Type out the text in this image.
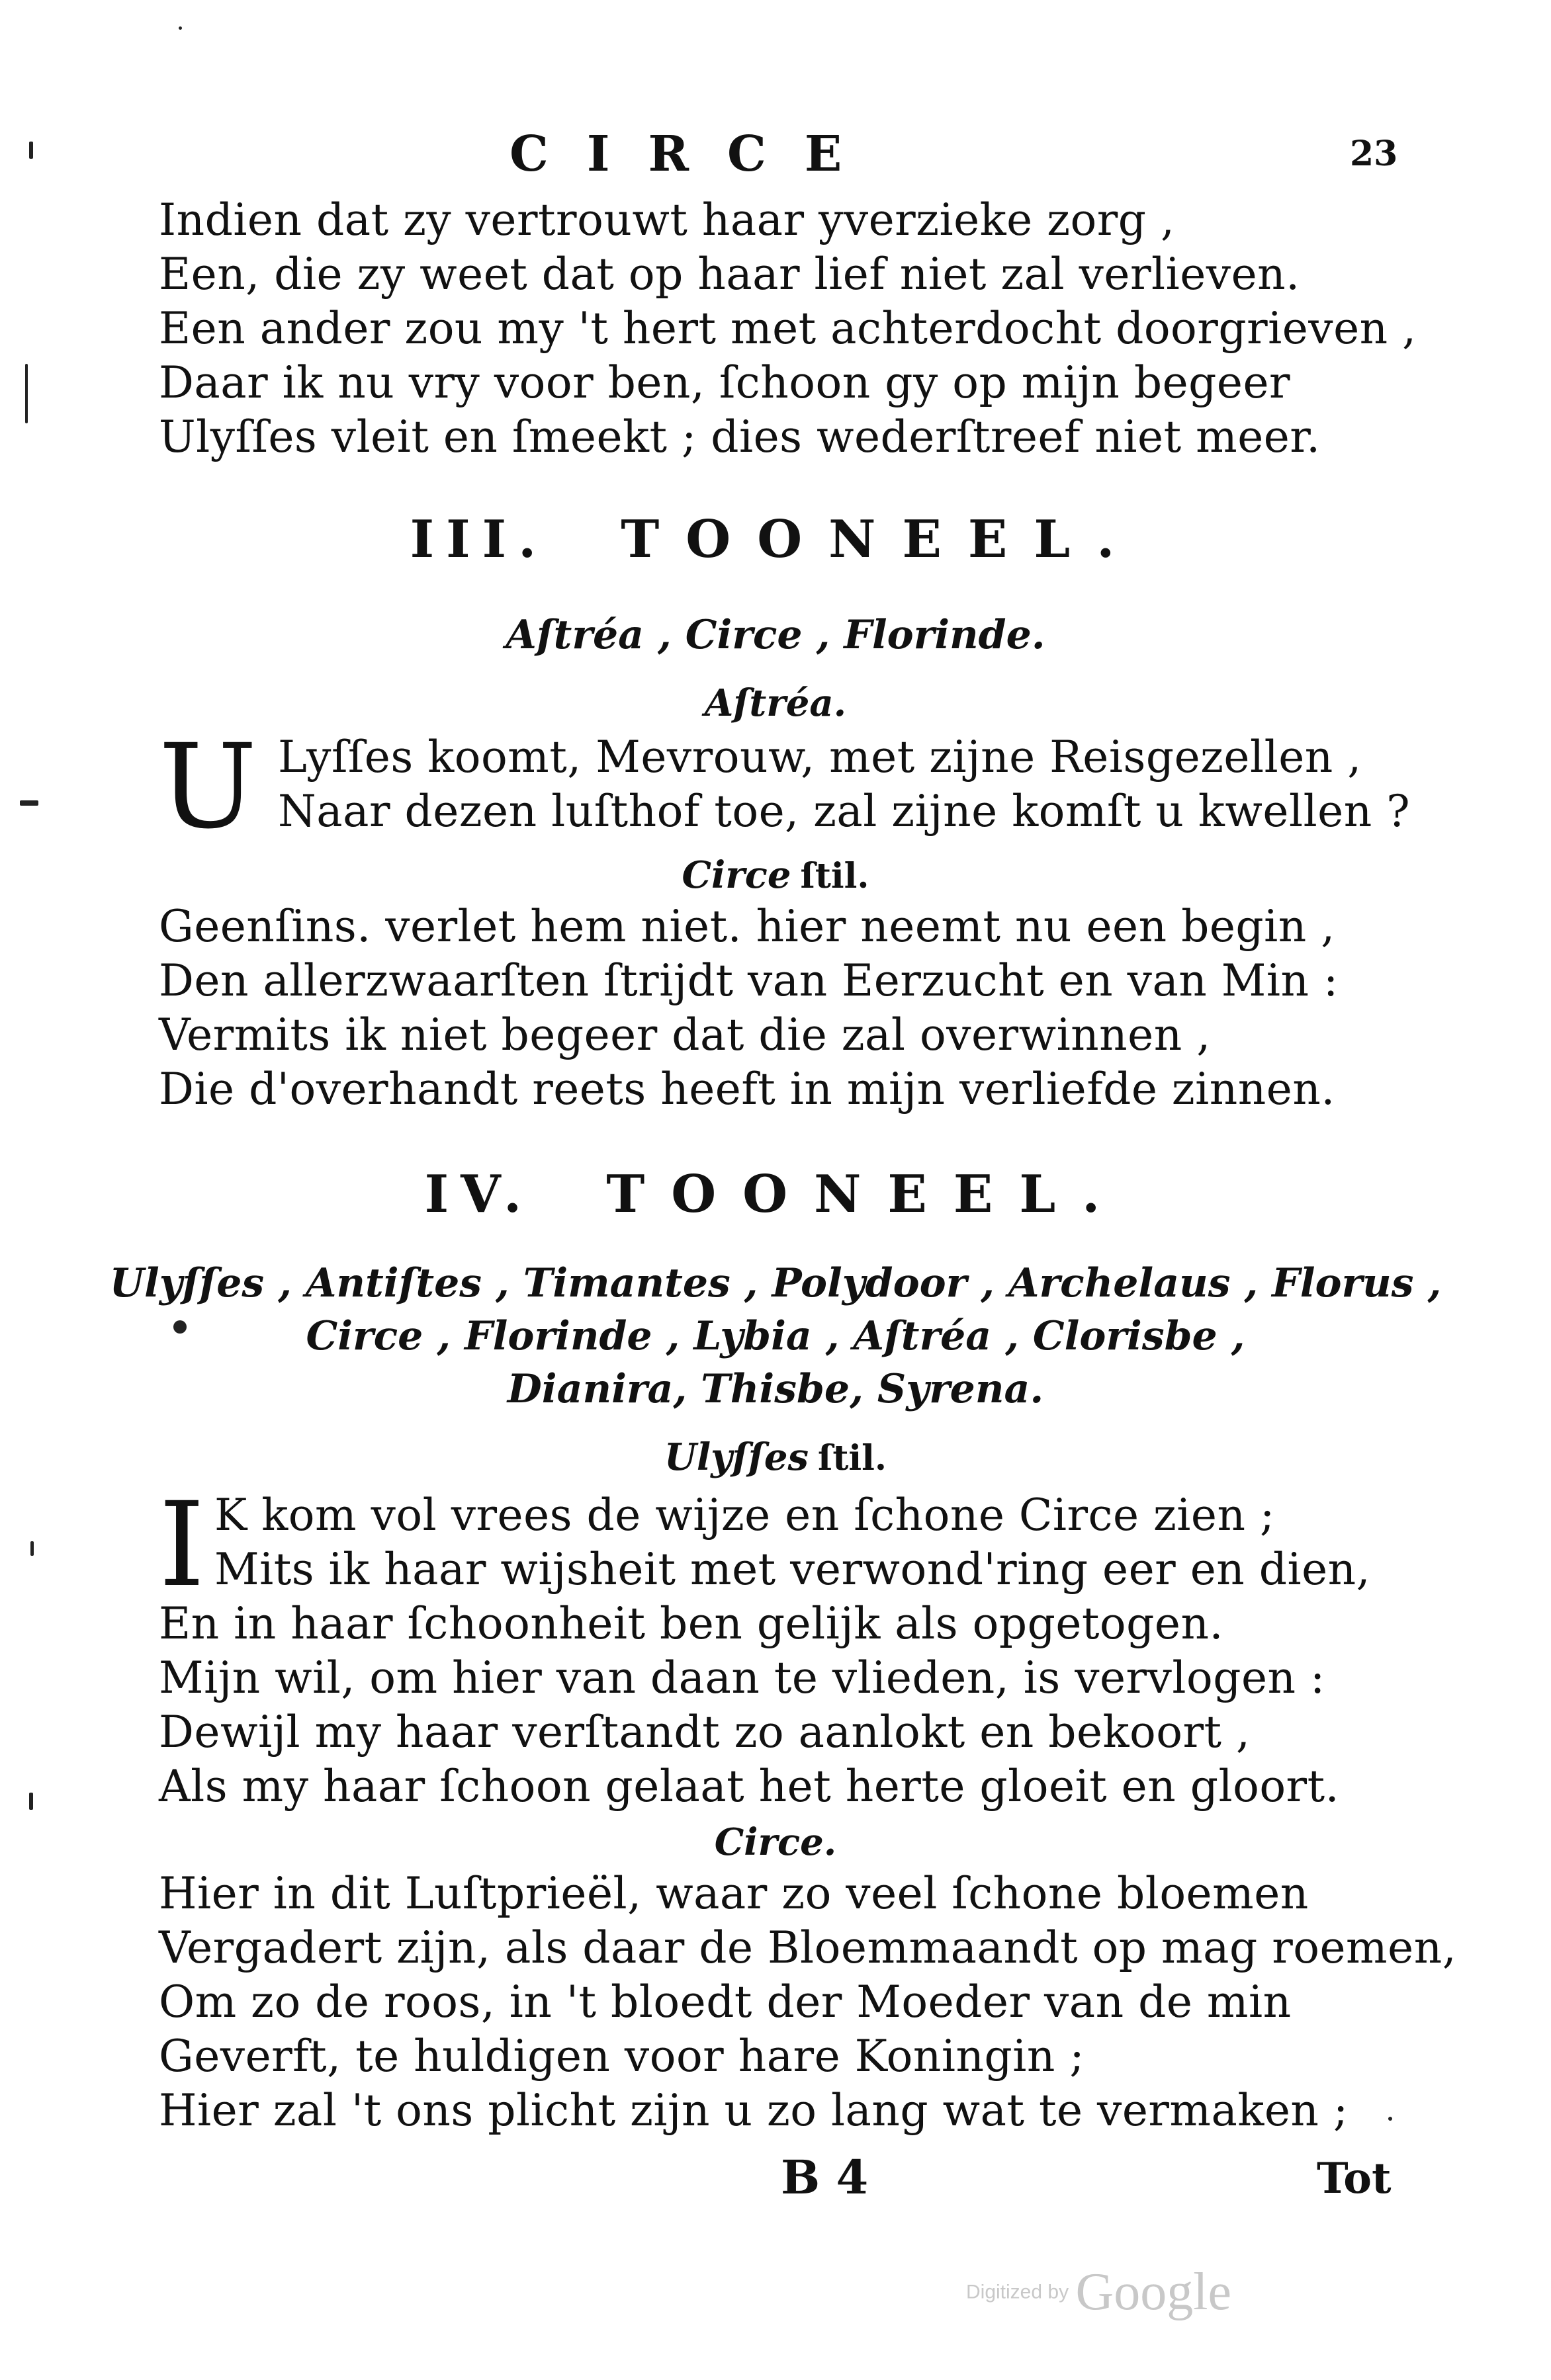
CIRCE	23
Indien dat zy vertrouwt haar yverzieke zorg ,
Een, die zy weet dat op haar lief niet zal verlieven.
Een ander zou my 't hert met achterdocht doorgrieven ,
Daar ik nu vry voor ben, ſchoon gy op mijn begeer
Ulyſſes vleit en ſmeekt ; dies wederſtreef niet meer.
III. TOONEEL.
Aſtréa , Circe , Florinde.
Aſtréa.
U Lyſſes koomt, Mevrouw, met zijne Reisgezellen ,
Naar dezen luſthof toe, zal zijne komſt u kwellen ?
Circe ſtil.
Geenſins. verlet hem niet. hier neemt nu een begin ,
Den allerzwaarſten ſtrijdt van Eerzucht en van Min :
Vermits ik niet begeer dat die zal overwinnen ,
Die d'overhandt reets heeft in mijn verliefde zinnen.
IV. TOONEEL.
Ulyſſes , Antiſtes , Timantes , Polydoor , Archelaus , Florus ,
Circe , Florinde , Lybia , Aſtréa , Clorisbe ,
Dianira, Thisbe, Syrena.
Ulyſſes ſtil.
I K kom vol vrees de wijze en ſchone Circe zien ;
Mits ik haar wijsheit met verwond'ring eer en dien,
En in haar ſchoonheit ben gelijk als opgetogen.
Mijn wil, om hier van daan te vlieden, is vervlogen :
Dewijl my haar verſtandt zo aanlokt en bekoort ,
Als my haar ſchoon gelaat het herte gloeit en gloort.
Circe.
Hier in dit Luſtprieël, waar zo veel ſchone bloemen
Vergadert zijn, als daar de Bloemmaandt op mag roemen,
Om zo de roos, in 't bloedt der Moeder van de min
Geverft, te huldigen voor hare Koningin ;
Hier zal 't ons plicht zijn u zo lang wat te vermaken ;
B 4	Tot
Digitized by Google
